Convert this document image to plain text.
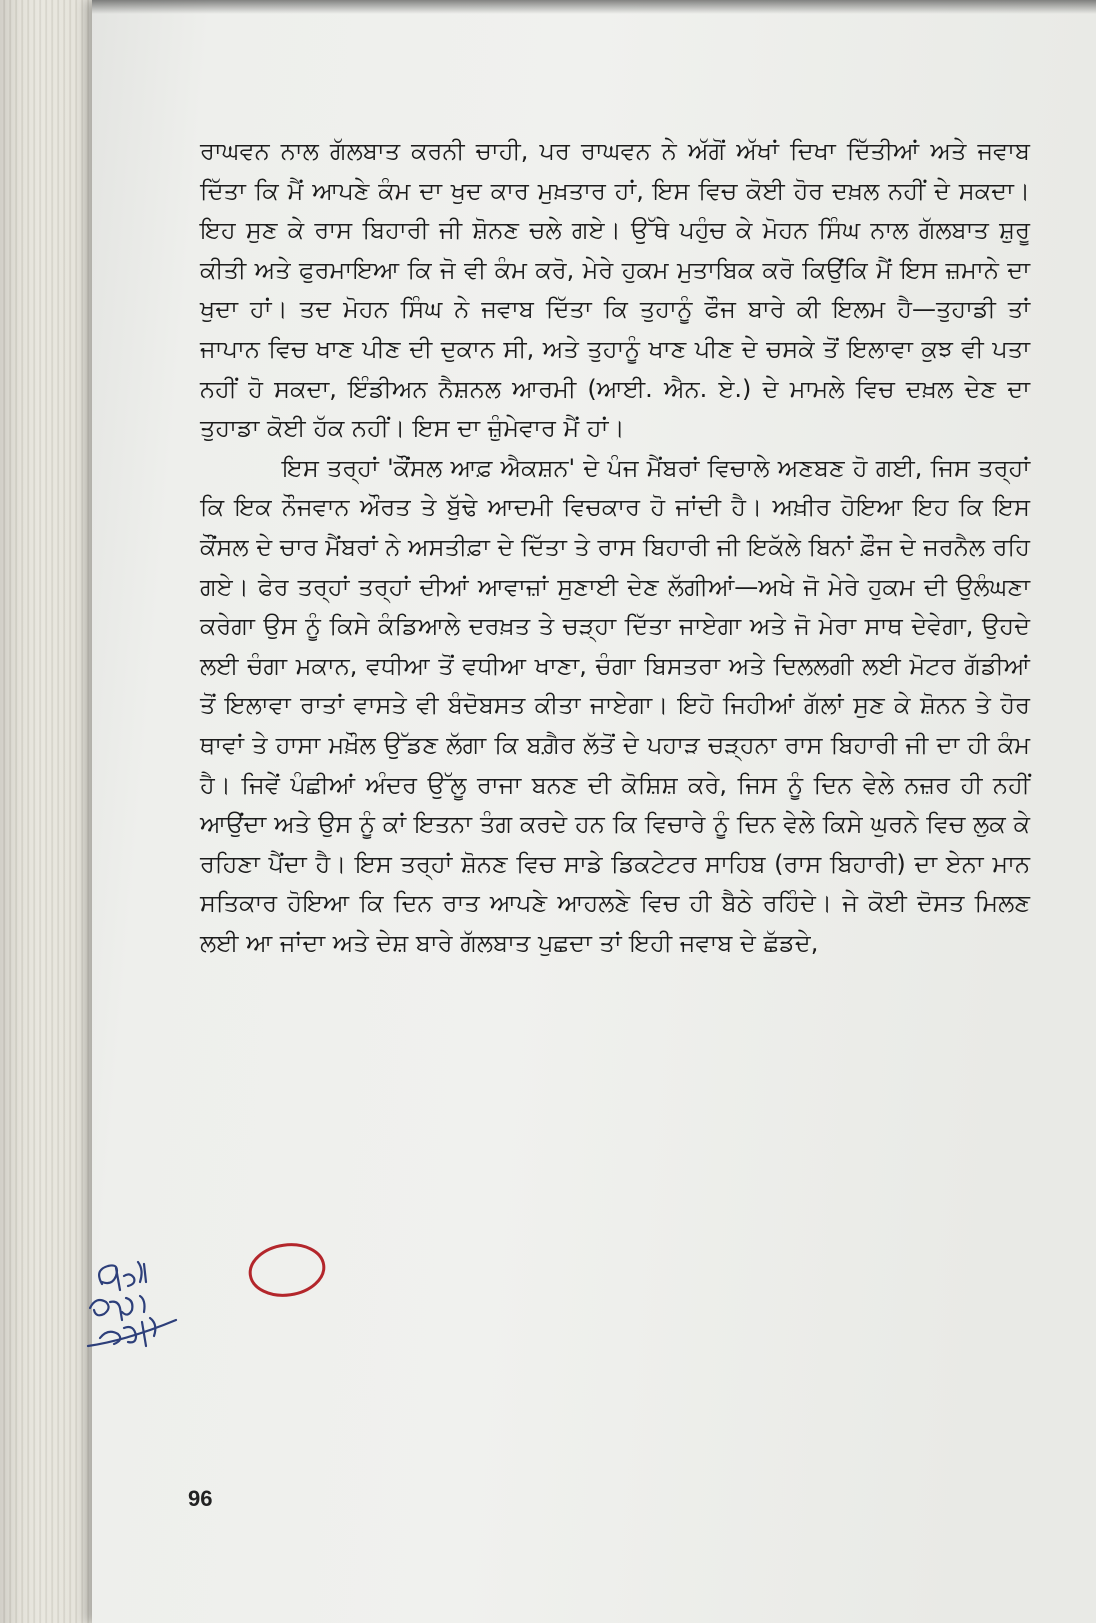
ਰਾਘਵਨ ਨਾਲ ਗੱਲਬਾਤ ਕਰਨੀ ਚਾਹੀ, ਪਰ ਰਾਘਵਨ ਨੇ ਅੱਗੋਂ ਅੱਖਾਂ ਦਿਖਾ ਦਿੱਤੀਆਂ ਅਤੇ ਜਵਾਬ ਦਿੱਤਾ ਕਿ ਮੈਂ ਆਪਣੇ ਕੰਮ ਦਾ ਖੁਦ ਕਾਰ ਮੁਖ਼ਤਾਰ ਹਾਂ, ਇਸ ਵਿਚ ਕੋਈ ਹੋਰ ਦਖ਼ਲ ਨਹੀਂ ਦੇ ਸਕਦਾ। ਇਹ ਸੁਣ ਕੇ ਰਾਸ ਬਿਹਾਰੀ ਜੀ ਸ਼ੋਨਣ ਚਲੇ ਗਏ। ਉੱਥੇ ਪਹੁੰਚ ਕੇ ਮੋਹਨ ਸਿੰਘ ਨਾਲ ਗੱਲਬਾਤ ਸ਼ੁਰੂ ਕੀਤੀ ਅਤੇ ਫੁਰਮਾਇਆ ਕਿ ਜੋ ਵੀ ਕੰਮ ਕਰੋ, ਮੇਰੇ ਹੁਕਮ ਮੁਤਾਬਿਕ ਕਰੋ ਕਿਉਂਕਿ ਮੈਂ ਇਸ ਜ਼ਮਾਨੇ ਦਾ ਖੁਦਾ ਹਾਂ। ਤਦ ਮੋਹਨ ਸਿੰਘ ਨੇ ਜਵਾਬ ਦਿੱਤਾ ਕਿ ਤੁਹਾਨੂੰ ਫੌਜ ਬਾਰੇ ਕੀ ਇਲਮ ਹੈ—ਤੁਹਾਡੀ ਤਾਂ ਜਾਪਾਨ ਵਿਚ ਖਾਣ ਪੀਣ ਦੀ ਦੁਕਾਨ ਸੀ, ਅਤੇ ਤੁਹਾਨੂੰ ਖਾਣ ਪੀਣ ਦੇ ਚਸਕੇ ਤੋਂ ਇਲਾਵਾ ਕੁਝ ਵੀ ਪਤਾ ਨਹੀਂ ਹੋ ਸਕਦਾ, ਇੰਡੀਅਨ ਨੈਸ਼ਨਲ ਆਰਮੀ (ਆਈ. ਐਨ. ਏ.) ਦੇ ਮਾਮਲੇ ਵਿਚ ਦਖ਼ਲ ਦੇਣ ਦਾ ਤੁਹਾਡਾ ਕੋਈ ਹੱਕ ਨਹੀਂ। ਇਸ ਦਾ ਜ਼ੁੰਮੇਵਾਰ ਮੈਂ ਹਾਂ।

ਇਸ ਤਰ੍ਹਾਂ 'ਕੌਂਸਲ ਆਫ਼ ਐਕਸ਼ਨ' ਦੇ ਪੰਜ ਮੈਂਬਰਾਂ ਵਿਚਾਲੇ ਅਣਬਣ ਹੋ ਗਈ, ਜਿਸ ਤਰ੍ਹਾਂ ਕਿ ਇਕ ਨੌਜਵਾਨ ਔਰਤ ਤੇ ਬੁੱਢੇ ਆਦਮੀ ਵਿਚਕਾਰ ਹੋ ਜਾਂਦੀ ਹੈ। ਅਖ਼ੀਰ ਹੋਇਆ ਇਹ ਕਿ ਇਸ ਕੌਂਸਲ ਦੇ ਚਾਰ ਮੈਂਬਰਾਂ ਨੇ ਅਸਤੀਫ਼ਾ ਦੇ ਦਿੱਤਾ ਤੇ ਰਾਸ ਬਿਹਾਰੀ ਜੀ ਇਕੱਲੇ ਬਿਨਾਂ ਫ਼ੌਜ ਦੇ ਜਰਨੈਲ ਰਹਿ ਗਏ। ਫੇਰ ਤਰ੍ਹਾਂ ਤਰ੍ਹਾਂ ਦੀਆਂ ਆਵਾਜ਼ਾਂ ਸੁਣਾਈ ਦੇਣ ਲੱਗੀਆਂ—ਅਖੇ ਜੋ ਮੇਰੇ ਹੁਕਮ ਦੀ ਉਲੰਘਣਾ ਕਰੇਗਾ ਉਸ ਨੂੰ ਕਿਸੇ ਕੰਡਿਆਲੇ ਦਰਖ਼ਤ ਤੇ ਚੜ੍ਹਾ ਦਿੱਤਾ ਜਾਏਗਾ ਅਤੇ ਜੋ ਮੇਰਾ ਸਾਥ ਦੇਵੇਗਾ, ਉਹਦੇ ਲਈ ਚੰਗਾ ਮਕਾਨ, ਵਧੀਆ ਤੋਂ ਵਧੀਆ ਖਾਣਾ, ਚੰਗਾ ਬਿਸਤਰਾ ਅਤੇ ਦਿਲਲਗੀ ਲਈ ਮੋਟਰ ਗੱਡੀਆਂ ਤੋਂ ਇਲਾਵਾ ਰਾਤਾਂ ਵਾਸਤੇ ਵੀ ਬੰਦੋਬਸਤ ਕੀਤਾ ਜਾਏਗਾ। ਇਹੋ ਜਿਹੀਆਂ ਗੱਲਾਂ ਸੁਣ ਕੇ ਸ਼ੋਨਨ ਤੇ ਹੋਰ ਥਾਵਾਂ ਤੇ ਹਾਸਾ ਮਖ਼ੌਲ ਉੱਡਣ ਲੱਗਾ ਕਿ ਬਗ਼ੈਰ ਲੱਤੋਂ ਦੇ ਪਹਾੜ ਚੜ੍ਹਨਾ ਰਾਸ ਬਿਹਾਰੀ ਜੀ ਦਾ ਹੀ ਕੰਮ ਹੈ। ਜਿਵੇਂ ਪੰਛੀਆਂ ਅੰਦਰ ਉੱਲੂ ਰਾਜਾ ਬਨਣ ਦੀ ਕੋਸ਼ਿਸ਼ ਕਰੇ, ਜਿਸ ਨੂੰ ਦਿਨ ਵੇਲੇ ਨਜ਼ਰ ਹੀ ਨਹੀਂ ਆਉਂਦਾ ਅਤੇ ਉਸ ਨੂੰ ਕਾਂ ਇਤਨਾ ਤੰਗ ਕਰਦੇ ਹਨ ਕਿ ਵਿਚਾਰੇ ਨੂੰ ਦਿਨ ਵੇਲੇ ਕਿਸੇ ਘੁਰਨੇ ਵਿਚ ਲੁਕ ਕੇ ਰਹਿਣਾ ਪੈਂਦਾ ਹੈ। ਇਸ ਤਰ੍ਹਾਂ ਸ਼ੋਨਣ ਵਿਚ ਸਾਡੇ ਡਿਕਟੇਟਰ ਸਾਹਿਬ (ਰਾਸ ਬਿਹਾਰੀ) ਦਾ ਏਨਾ ਮਾਨ ਸਤਿਕਾਰ ਹੋਇਆ ਕਿ ਦਿਨ ਰਾਤ ਆਪਣੇ ਆਹਲਣੇ ਵਿਚ ਹੀ ਬੈਠੇ ਰਹਿੰਦੇ। ਜੇ ਕੋਈ ਦੋਸਤ ਮਿਲਣ ਲਈ ਆ ਜਾਂਦਾ ਅਤੇ ਦੇਸ਼ ਬਾਰੇ ਗੱਲਬਾਤ ਪੁਛਦਾ ਤਾਂ ਇਹੀ ਜਵਾਬ ਦੇ ਛੱਡਦੇ,

96
